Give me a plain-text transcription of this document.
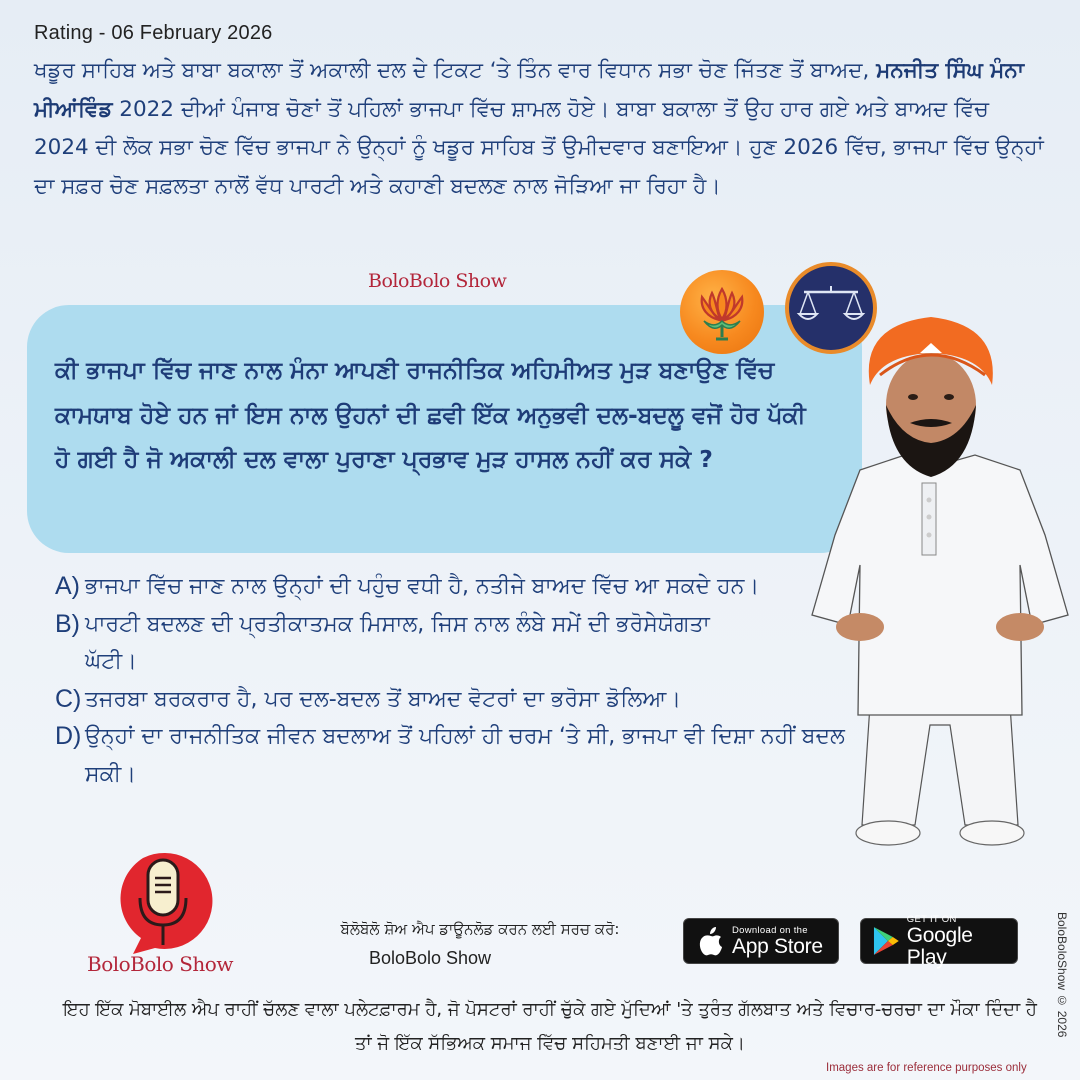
Rating - 06 February 2026
ਖਡੂਰ ਸਾਹਿਬ ਅਤੇ ਬਾਬਾ ਬਕਾਲਾ ਤੋਂ ਅਕਾਲੀ ਦਲ ਦੇ ਟਿਕਟ ‘ਤੇ ਤਿੰਨ ਵਾਰ ਵਿਧਾਨ ਸਭਾ ਚੋਣ ਜਿੱਤਣ ਤੋਂ ਬਾਅਦ, ਮਨਜੀਤ ਸਿੰਘ ਮੰਨਾ ਮੀਆਂਵਿੰਡ 2022 ਦੀਆਂ ਪੰਜਾਬ ਚੋਣਾਂ ਤੋਂ ਪਹਿਲਾਂ ਭਾਜਪਾ ਵਿੱਚ ਸ਼ਾਮਲ ਹੋਏ। ਬਾਬਾ ਬਕਾਲਾ ਤੋਂ ਉਹ ਹਾਰ ਗਏ ਅਤੇ ਬਾਅਦ ਵਿੱਚ 2024 ਦੀ ਲੋਕ ਸਭਾ ਚੋਣ ਵਿੱਚ ਭਾਜਪਾ ਨੇ ਉਨ੍ਹਾਂ ਨੂੰ ਖਡੂਰ ਸਾਹਿਬ ਤੋਂ ਉਮੀਦਵਾਰ ਬਣਾਇਆ। ਹੁਣ 2026 ਵਿੱਚ, ਭਾਜਪਾ ਵਿੱਚ ਉਨ੍ਹਾਂ ਦਾ ਸਫ਼ਰ ਚੋਣ ਸਫ਼ਲਤਾ ਨਾਲੋਂ ਵੱਧ ਪਾਰਟੀ ਅਤੇ ਕਹਾਣੀ ਬਦਲਣ ਨਾਲ ਜੋੜਿਆ ਜਾ ਰਿਹਾ ਹੈ।
BoloBolo Show
ਕੀ ਭਾਜਪਾ ਵਿੱਚ ਜਾਣ ਨਾਲ ਮੰਨਾ ਆਪਣੀ ਰਾਜਨੀਤਿਕ ਅਹਿਮੀਅਤ ਮੁੜ ਬਣਾਉਣ ਵਿੱਚ ਕਾਮਯਾਬ ਹੋਏ ਹਨ ਜਾਂ ਇਸ ਨਾਲ ਉਹਨਾਂ ਦੀ ਛਵੀ ਇੱਕ ਅਨੁਭਵੀ ਦਲ-ਬਦਲੂ ਵਜੋਂ ਹੋਰ ਪੱਕੀ ਹੋ ਗਈ ਹੈ ਜੋ ਅਕਾਲੀ ਦਲ ਵਾਲਾ ਪੁਰਾਣਾ ਪ੍ਰਭਾਵ ਮੁੜ ਹਾਸਲ ਨਹੀਂ ਕਰ ਸਕੇ ?
A) ਭਾਜਪਾ ਵਿੱਚ ਜਾਣ ਨਾਲ ਉਨ੍ਹਾਂ ਦੀ ਪਹੁੰਚ ਵਧੀ ਹੈ, ਨਤੀਜੇ ਬਾਅਦ ਵਿੱਚ ਆ ਸਕਦੇ ਹਨ।
B) ਪਾਰਟੀ ਬਦਲਣ ਦੀ ਪ੍ਰਤੀਕਾਤਮਕ ਮਿਸਾਲ, ਜਿਸ ਨਾਲ ਲੰਬੇ ਸਮੇਂ ਦੀ ਭਰੋਸੇਯੋਗਤਾ ਘੱਟੀ।
C) ਤਜਰਬਾ ਬਰਕਰਾਰ ਹੈ, ਪਰ ਦਲ-ਬਦਲ ਤੋਂ ਬਾਅਦ ਵੋਟਰਾਂ ਦਾ ਭਰੋਸਾ ਡੋਲਿਆ।
D) ਉਨ੍ਹਾਂ ਦਾ ਰਾਜਨੀਤਿਕ ਜੀਵਨ ਬਦਲਾਅ ਤੋਂ ਪਹਿਲਾਂ ਹੀ ਚਰਮ ‘ਤੇ ਸੀ, ਭਾਜਪਾ ਵੀ ਦਿਸ਼ਾ ਨਹੀਂ ਬਦਲ ਸਕੀ।
BoloBolo Show
ਬੋਲੋਬੋਲੋ ਸ਼ੋਅ ਐਪ ਡਾਊਨਲੋਡ ਕਰਨ ਲਈ ਸਰਚ ਕਰੋ:
BoloBolo Show
Download on the
App Store
GET IT ON
Google Play	BoloBoloShow © 2026
ਇਹ ਇੱਕ ਮੋਬਾਈਲ ਐਪ ਰਾਹੀਂ ਚੱਲਣ ਵਾਲਾ ਪਲੇਟਫ਼ਾਰਮ ਹੈ, ਜੋ ਪੋਸਟਰਾਂ ਰਾਹੀਂ ਚੁੱਕੇ ਗਏ ਮੁੱਦਿਆਂ 'ਤੇ ਤੁਰੰਤ ਗੱਲਬਾਤ ਅਤੇ ਵਿਚਾਰ-ਚਰਚਾ ਦਾ ਮੌਕਾ ਦਿੰਦਾ ਹੈ ਤਾਂ ਜੋ ਇੱਕ ਸੱਭਿਅਕ ਸਮਾਜ ਵਿੱਚ ਸਹਿਮਤੀ ਬਣਾਈ ਜਾ ਸਕੇ।
Images are for reference purposes only
